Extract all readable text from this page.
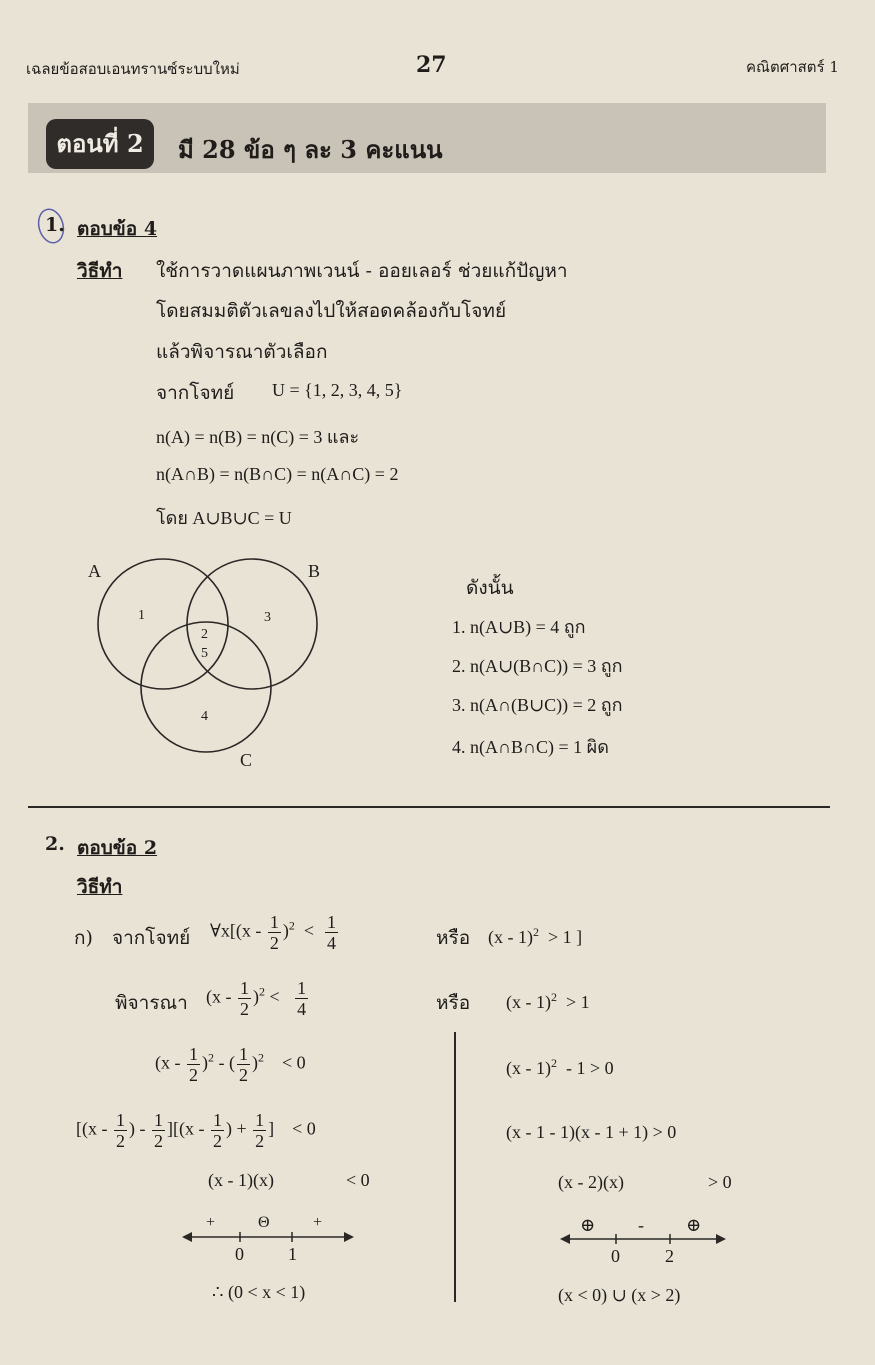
เฉลยข้อสอบเอนทรานซ์ระบบใหม่	27	คณิตศาสตร์ 1
ตอนที่ 2	มี 28 ข้อ ๆ ละ 3 คะแนน
1. ตอบข้อ 4
วิธีทำ ใช้การวาดแผนภาพเวนน์ - ออยเลอร์ ช่วยแก้ปัญหา
โดยสมมติตัวเลขลงไปให้สอดคล้องกับโจทย์
แล้วพิจารณาตัวเลือก
จากโจทย์ U = {1, 2, 3, 4, 5}
n(A) = n(B) = n(C) = 3 และ
n(A∩B) = n(B∩C) = n(A∩C) = 2
โดย A∪B∪C = U
A	B
C
1	3
2
5
4
ดังนั้น
1. n(A∪B) = 4 ถูก
2. n(A∪(B∩C)) = 3 ถูก
3. n(A∩(B∪C)) = 2 ถูก
4. n(A∩B∩C) = 1 ผิด
2. ตอบข้อ 2
วิธีทำ
ก) จากโจทย์ ∀x[(x - $\frac{1}{2} )^2 < \frac{1}{4}$	หรือ (x - 1)$^2$ > 1 ]
พิจารณา $(x - \frac{1}{2} )^2 < \frac{1}{4}$	หรือ (x - 1)$^2$ > 1
$(x - \frac{1}{2} )^2$ - ( $\frac{1}{2} )^2 < 0$
[($x - \frac{1}{2}$ ) - $\frac{1}{2} ][(x - \frac{1}{2}$ ) + $\frac{1}{2}$ ]    < 0
(x - 1)(x)	< 0
(x - 1)$^2$ - 1 > 0
(x - 1 - 1)(x - 1 + 1) > 0
(x - 2)(x)	> 0
+	Θ	+
0 1
⊕ - ⊕
0	2
∴ (0 < x < 1)	(x < 0) ∪ (x > 2)
